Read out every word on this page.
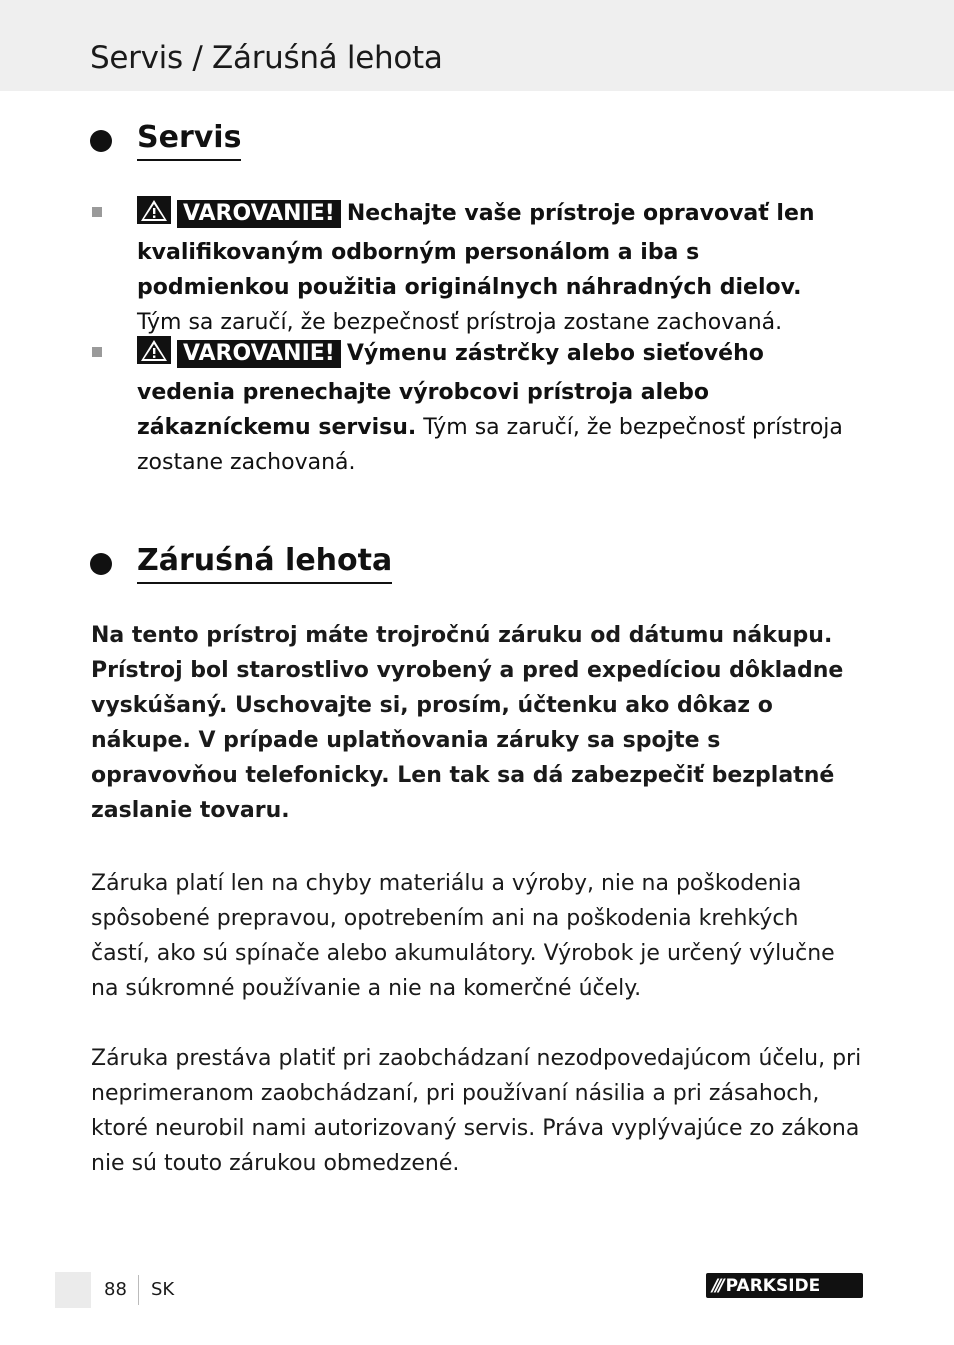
Servis / Záruśná lehota
Servis
VAROVANIE! Nechajte vaše prístroje opravovať len kvalifikovaným odborným personálom a iba s podmienkou použitia originálnych náhradných dielov. Tým sa zaručí, že bezpečnosť prístroja zostane zachovaná.
VAROVANIE! Výmenu zástrčky alebo sieťového vedenia prenechajte výrobcovi prístroja alebo zákazníckemu servisu. Tým sa zaručí, že bezpečnosť prístroja zostane zachovaná.
Záruśná lehota
Na tento prístroj máte trojročnú záruku od dátumu nákupu. Prístroj bol starostlivo vyrobený a pred expedíciou dôkladne vyskúšaný. Uschovajte si, prosím, účtenku ako dôkaz o nákupe. V prípade uplatňovania záruky sa spojte s opravovňou telefonicky. Len tak sa dá zabezpečiť bezplatné zaslanie tovaru.
Záruka platí len na chyby materiálu a výroby, nie na poškodenia spôsobené prepravou, opotrebením ani na poškodenia krehkých častí, ako sú spínače alebo akumulátory. Výrobok je určený výlučne na súkromné používanie a nie na komerčné účely.
Záruka prestáva platiť pri zaobchádzaní nezodpovedajúcom účelu, pri neprimeranom zaobchádzaní, pri používaní násilia a pri zásahoch, ktoré neurobil nami autorizovaný servis. Práva vyplývajúce zo zákona nie sú touto zárukou obmedzené.
88 SK	/// PARKSIDE
